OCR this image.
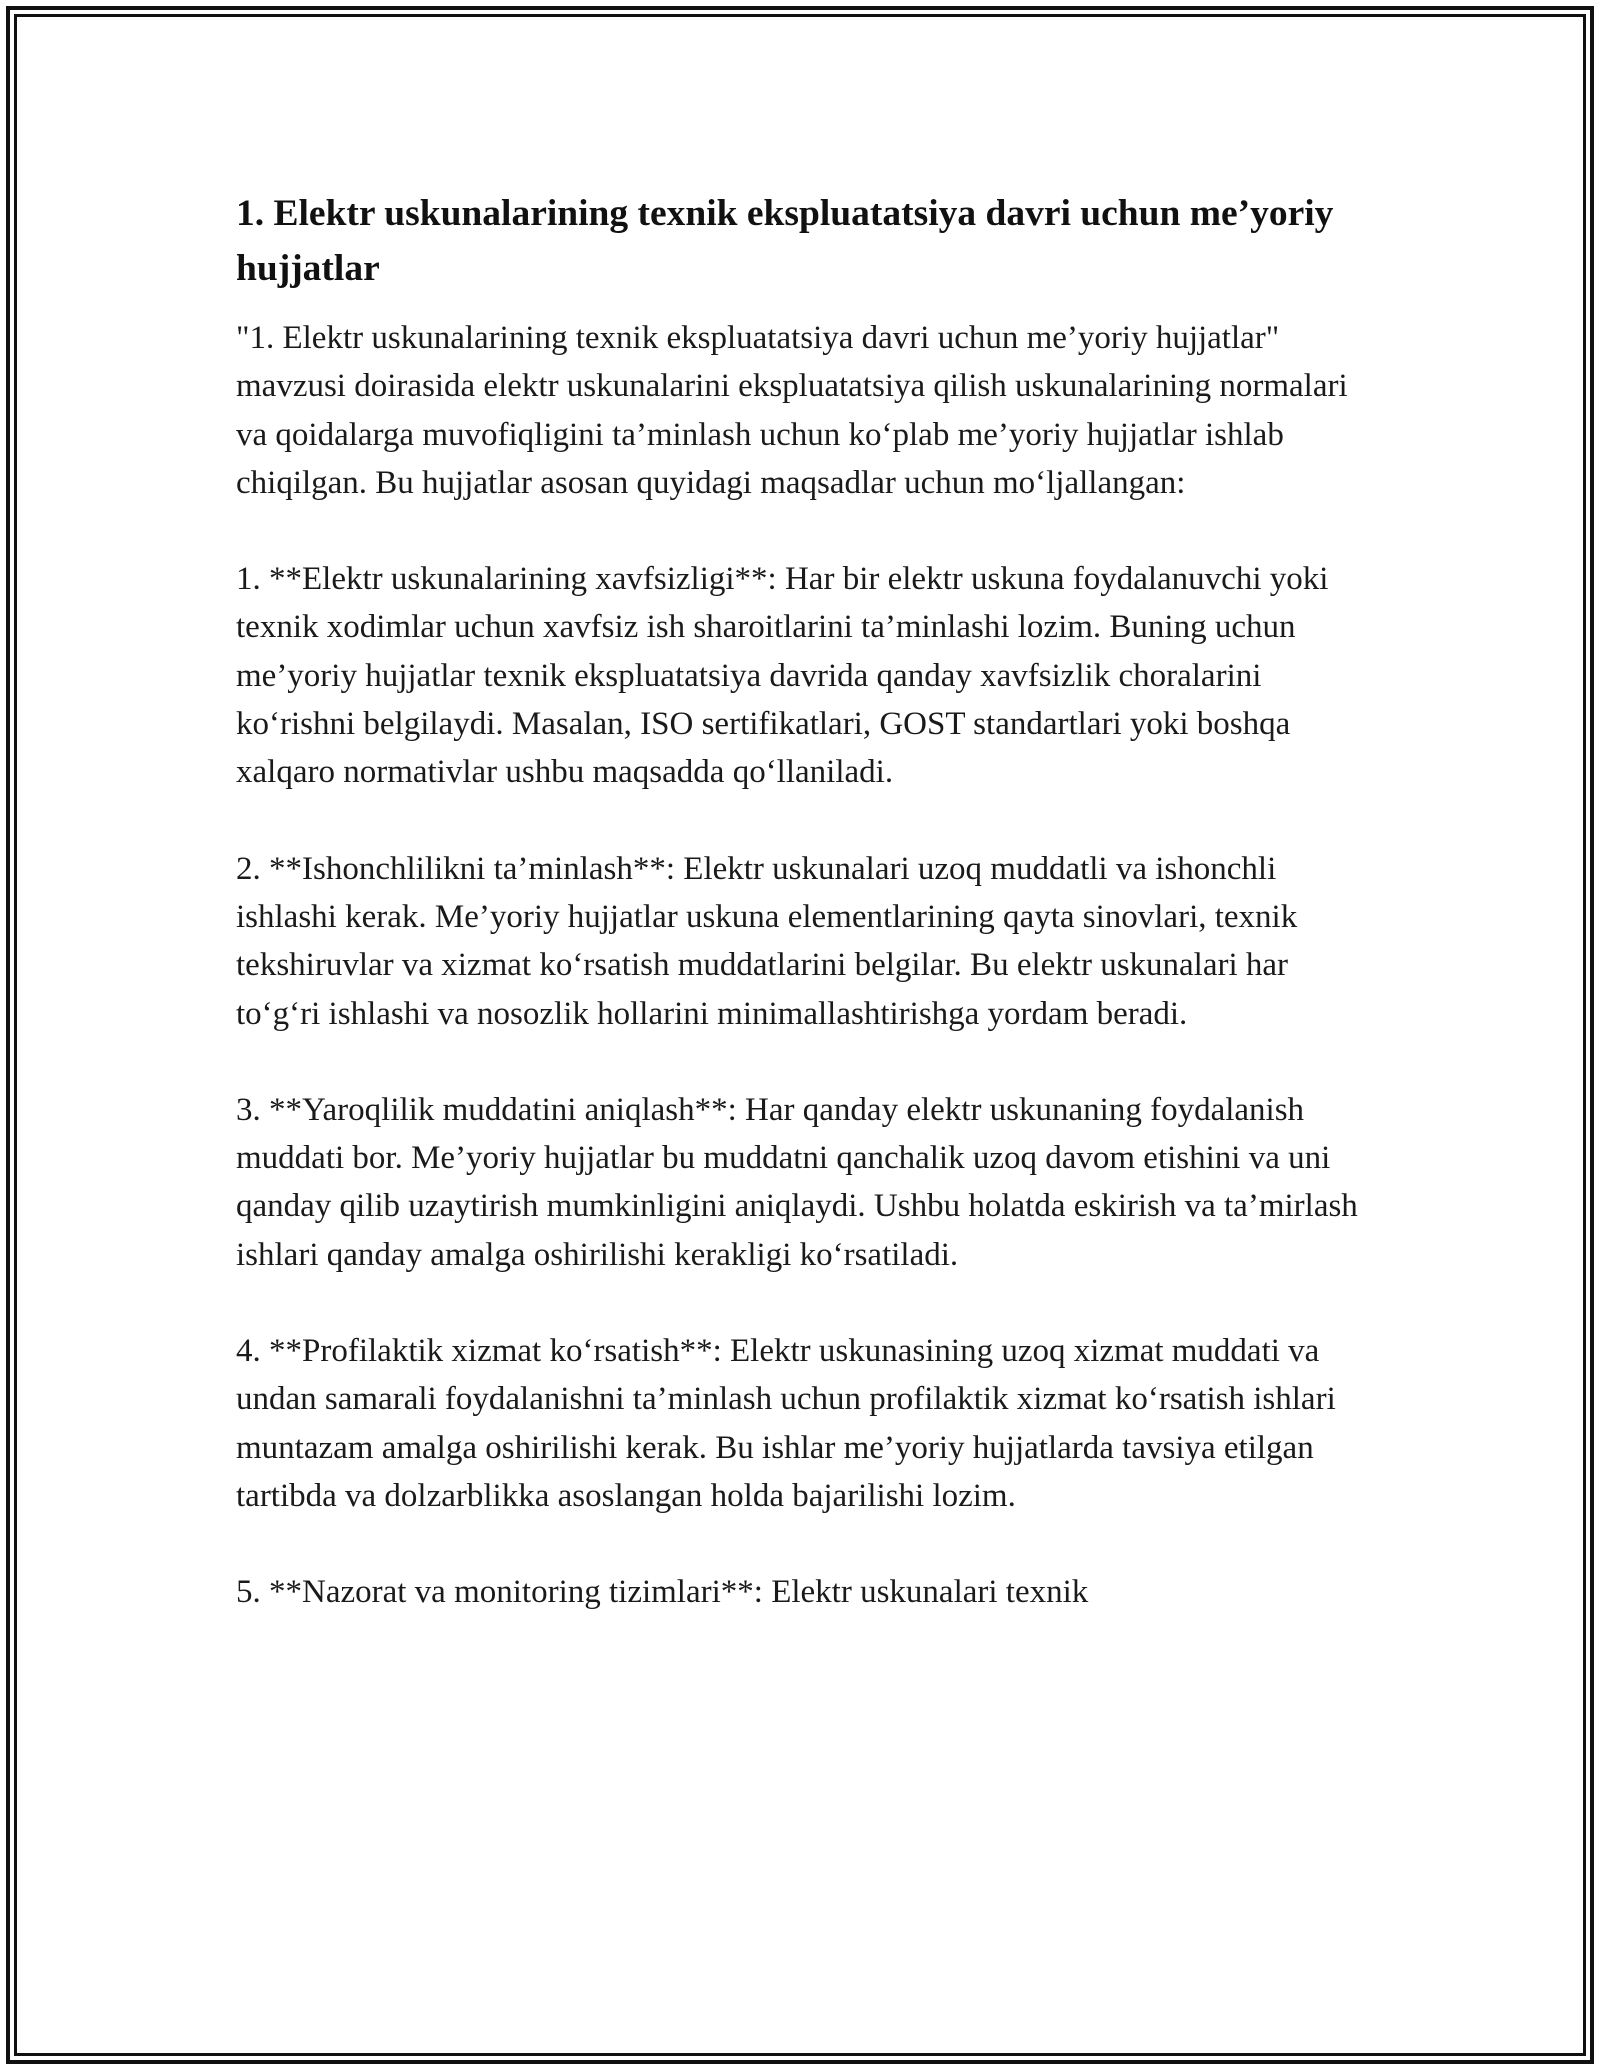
1. Elektr uskunalarining texnik ekspluatatsiya davri uchun me’yoriy hujjatlar

"1. Elektr uskunalarining texnik ekspluatatsiya davri uchun me’yoriy hujjatlar" mavzusi doirasida elektr uskunalarini ekspluatatsiya qilish uskunalarining normalari va qoidalarga muvofiqligini ta’minlash uchun ko‘plab me’yoriy hujjatlar ishlab chiqilgan. Bu hujjatlar asosan quyidagi maqsadlar uchun mo‘ljallangan:

1. **Elektr uskunalarining xavfsizligi**: Har bir elektr uskuna foydalanuvchi yoki texnik xodimlar uchun xavfsiz ish sharoitlarini ta’minlashi lozim. Buning uchun me’yoriy hujjatlar texnik ekspluatatsiya davrida qanday xavfsizlik choralarini ko‘rishni belgilaydi. Masalan, ISO sertifikatlari, GOST standartlari yoki boshqa xalqaro normativlar ushbu maqsadda qo‘llaniladi.

2. **Ishonchlilikni ta’minlash**: Elektr uskunalari uzoq muddatli va ishonchli ishlashi kerak. Me’yoriy hujjatlar uskuna elementlarining qayta sinovlari, texnik tekshiruvlar va xizmat ko‘rsatish muddatlarini belgilar. Bu elektr uskunalari har to‘g‘ri ishlashi va nosozlik hollarini minimallashtirishga yordam beradi.

3. **Yaroqlilik muddatini aniqlash**: Har qanday elektr uskunaning foydalanish muddati bor. Me’yoriy hujjatlar bu muddatni qanchalik uzoq davom etishini va uni qanday qilib uzaytirish mumkinligini aniqlaydi. Ushbu holatda eskirish va ta’mirlash ishlari qanday amalga oshirilishi kerakligi ko‘rsatiladi.

4. **Profilaktik xizmat ko‘rsatish**: Elektr uskunasining uzoq xizmat muddati va undan samarali foydalanishni ta’minlash uchun profilaktik xizmat ko‘rsatish ishlari muntazam amalga oshirilishi kerak. Bu ishlar me’yoriy hujjatlarda tavsiya etilgan tartibda va dolzarblikka asoslangan holda bajarilishi lozim.

5. **Nazorat va monitoring tizimlari**: Elektr uskunalari texnik
